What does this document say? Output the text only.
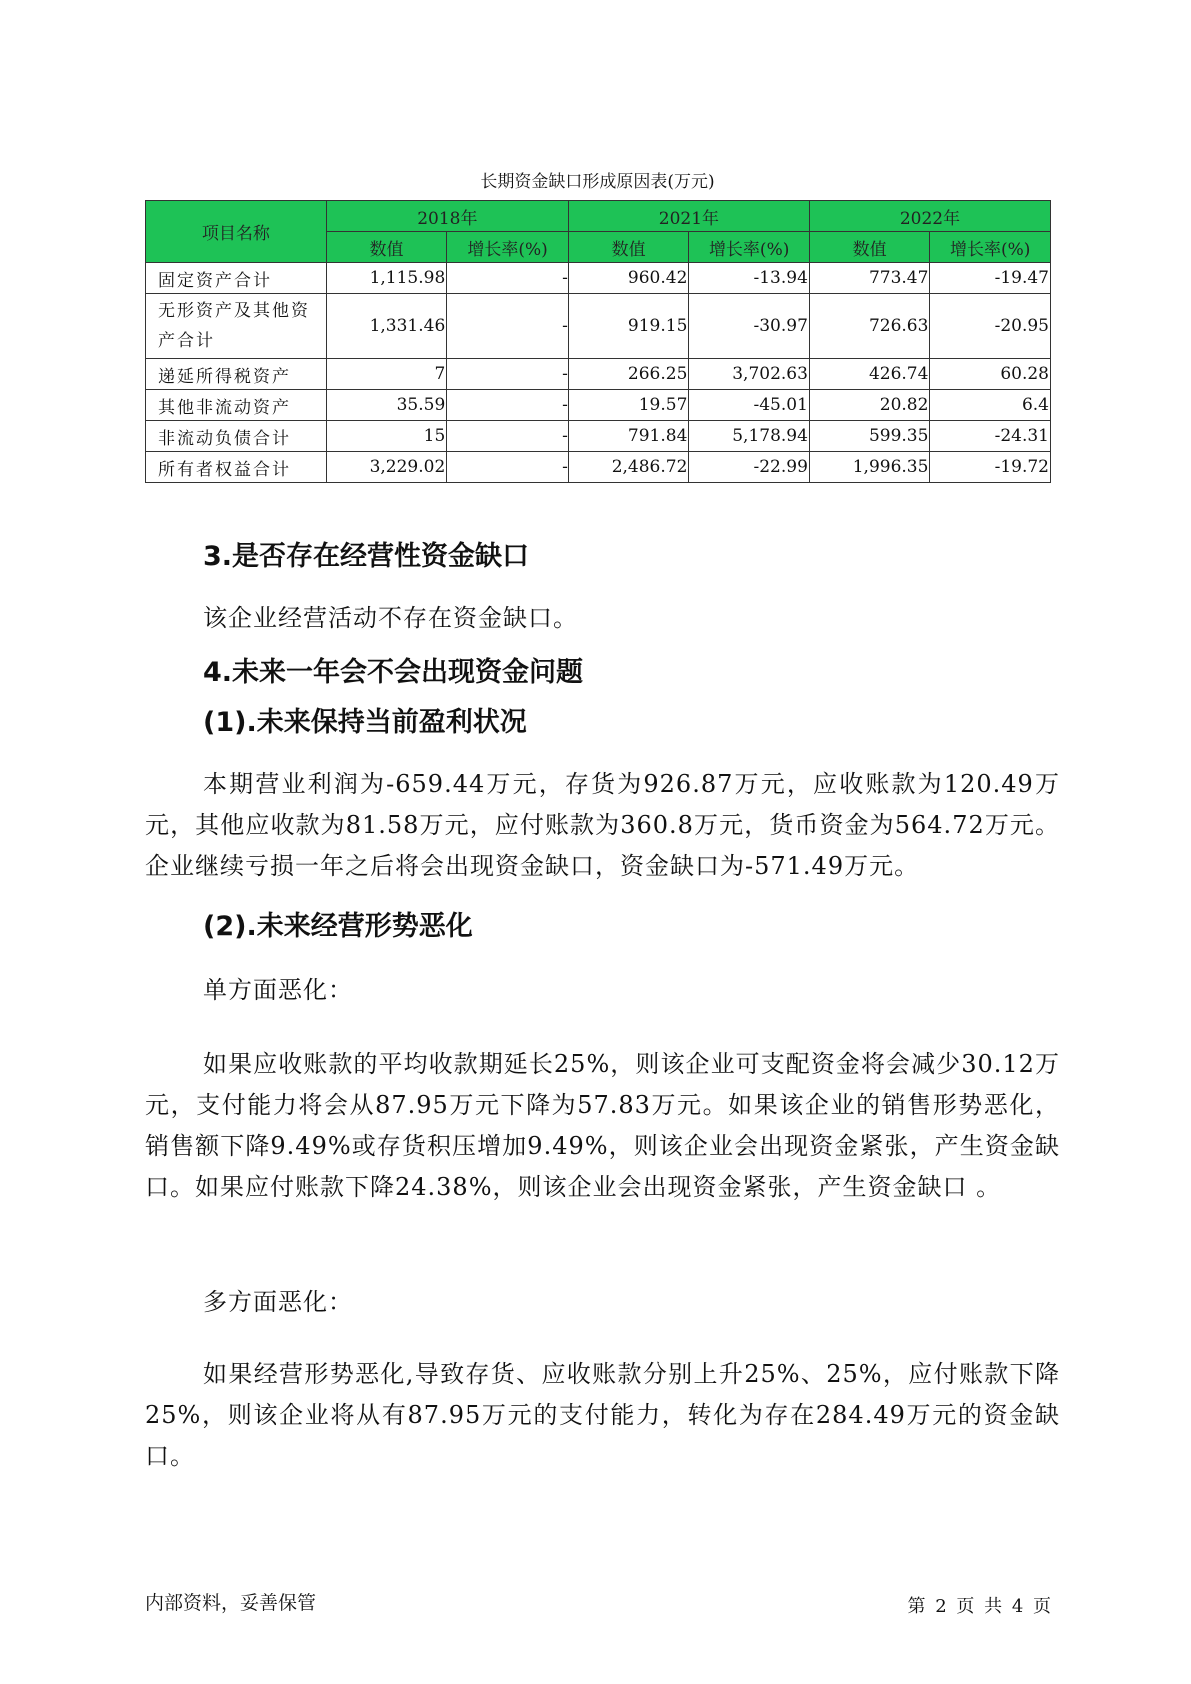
长期资金缺口形成原因表(万元)
项目名称	2018年		2021年		2022年	
	数值	增长率(%)	数值	增长率(%)	数值	增长率(%)
固定资产合计	1,115.98	-	960.42	-13.94	773.47	-19.47
无形资产及其他资产合计	1,331.46	-	919.15	-30.97	726.63	-20.95
递延所得税资产	7	-	266.25	3,702.63	426.74	60.28
其他非流动资产	35.59	-	19.57	-45.01	20.82	6.4
非流动负债合计	15	-	791.84	5,178.94	599.35	-24.31
所有者权益合计	3,229.02	-	2,486.72	-22.99	1,996.35	-19.72
3.是否存在经营性资金缺口

该企业经营活动不存在资金缺口。

4.未来一年会不会出现资金问题
(1).未来保持当前盈利状况

本期营业利润为-659.44万元，存货为926.87万元，应收账款为120.49万元，其他应收款为81.58万元，应付账款为360.8万元，货币资金为564.72万元。企业继续亏损一年之后将会出现资金缺口，资金缺口为-571.49万元。

(2).未来经营形势恶化

单方面恶化：

如果应收账款的平均收款期延长25%，则该企业可支配资金将会减少30.12万元，支付能力将会从87.95万元下降为57.83万元。如果该企业的销售形势恶化，销售额下降9.49%或存货积压增加9.49%，则该企业会出现资金紧张，产生资金缺口。如果应付账款下降24.38%，则该企业会出现资金紧张，产生资金缺口 。

多方面恶化：

如果经营形势恶化,导致存货、应收账款分别上升25%、25%，应付账款下降25%，则该企业将从有87.95万元的支付能力，转化为存在284.49万元的资金缺口。

内部资料，妥善保管	第 2 页 共 4 页
